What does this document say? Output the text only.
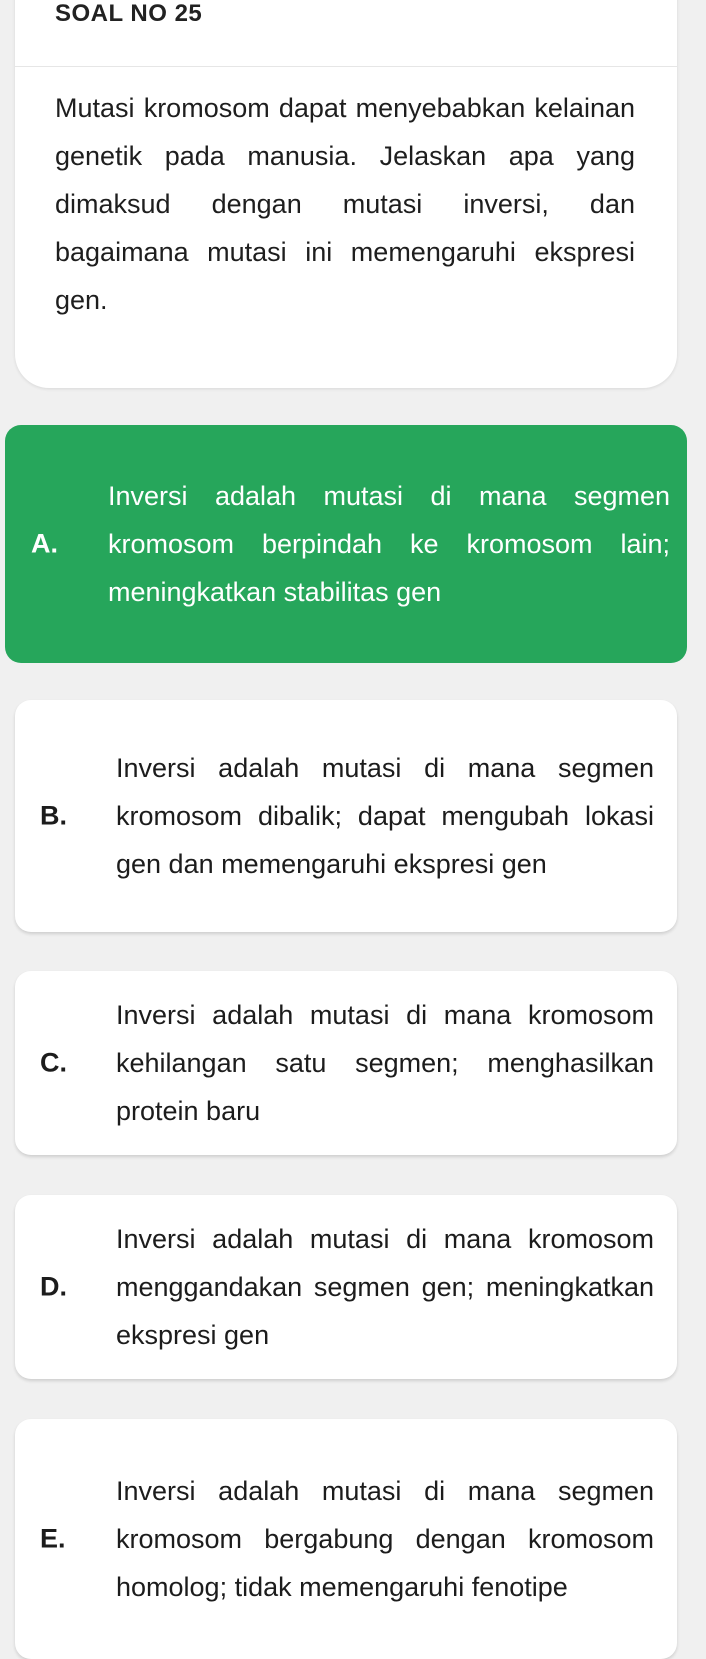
SOAL NO 25
Mutasi kromosom dapat menyebabkan kelainan genetik pada manusia. Jelaskan apa yang dimaksud dengan mutasi inversi, dan bagaimana mutasi ini memengaruhi ekspresi gen.
A.
Inversi adalah mutasi di mana segmen kromosom berpindah ke kromosom lain; meningkatkan stabilitas gen
B.
Inversi adalah mutasi di mana segmen kromosom dibalik; dapat mengubah lokasi gen dan memengaruhi ekspresi gen
C.
Inversi adalah mutasi di mana kromosom kehilangan satu segmen; menghasilkan protein baru
D.
Inversi adalah mutasi di mana kromosom menggandakan segmen gen; meningkatkan ekspresi gen
E.
Inversi adalah mutasi di mana segmen kromosom bergabung dengan kromosom homolog; tidak memengaruhi fenotipe
